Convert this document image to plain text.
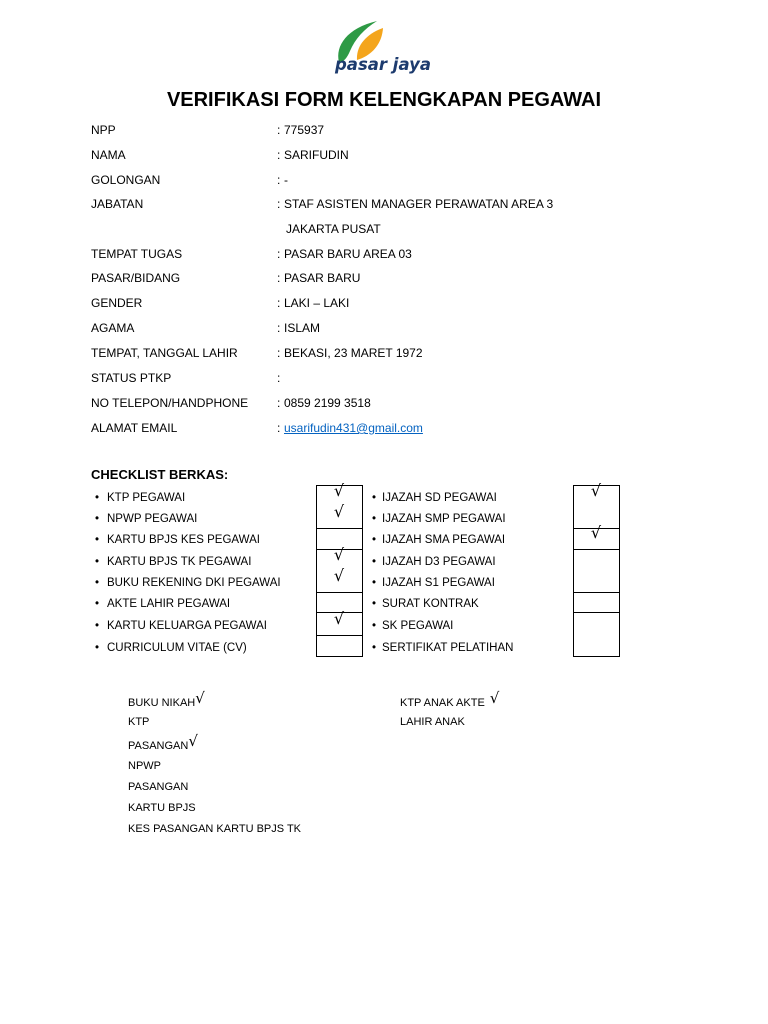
pasar jaya
VERIFIKASI FORM KELENGKAPAN PEGAWAI
NPP	: 775937
NAMA	: SARIFUDIN
GOLONGAN	: -
JABATAN	: STAF ASISTEN MANAGER PERAWATAN AREA 3
JAKARTA PUSAT
TEMPAT TUGAS	: PASAR BARU AREA 03
PASAR/BIDANG	: PASAR BARU
GENDER	: LAKI – LAKI
AGAMA	: ISLAM
TEMPAT, TANGGAL LAHIR	: BEKASI, 23 MARET 1972
STATUS PTKP	:
NO TELEPON/HANDPHONE : 0859 2199 3518
ALAMAT EMAIL	: usarifudin431@gmail.com
CHECKLIST BERKAS:
• KTP PEGAWAI	√
• NPWP PEGAWAI	√
• KARTU BPJS KES PEGAWAI
• KARTU BPJS TK PEGAWAI	√
• BUKU REKENING DKI PEGAWAI	√
• AKTE LAHIR PEGAWAI
• KARTU KELUARGA PEGAWAI	√
• CURRICULUM VITAE (CV)
• IJAZAH SD PEGAWAI	√
• IJAZAH SMP PEGAWAI
• IJAZAH SMA PEGAWAI	√
• IJAZAH D3 PEGAWAI
• IJAZAH S1 PEGAWAI
• SURAT KONTRAK
• SK PEGAWAI
• SERTIFIKAT PELATIHAN
BUKU NIKAH√
KTP
PASANGAN√
NPWP
PASANGAN
KARTU BPJS
KES PASANGAN KARTU BPJS TK
KTP ANAK AKTE √
LAHIR ANAK
